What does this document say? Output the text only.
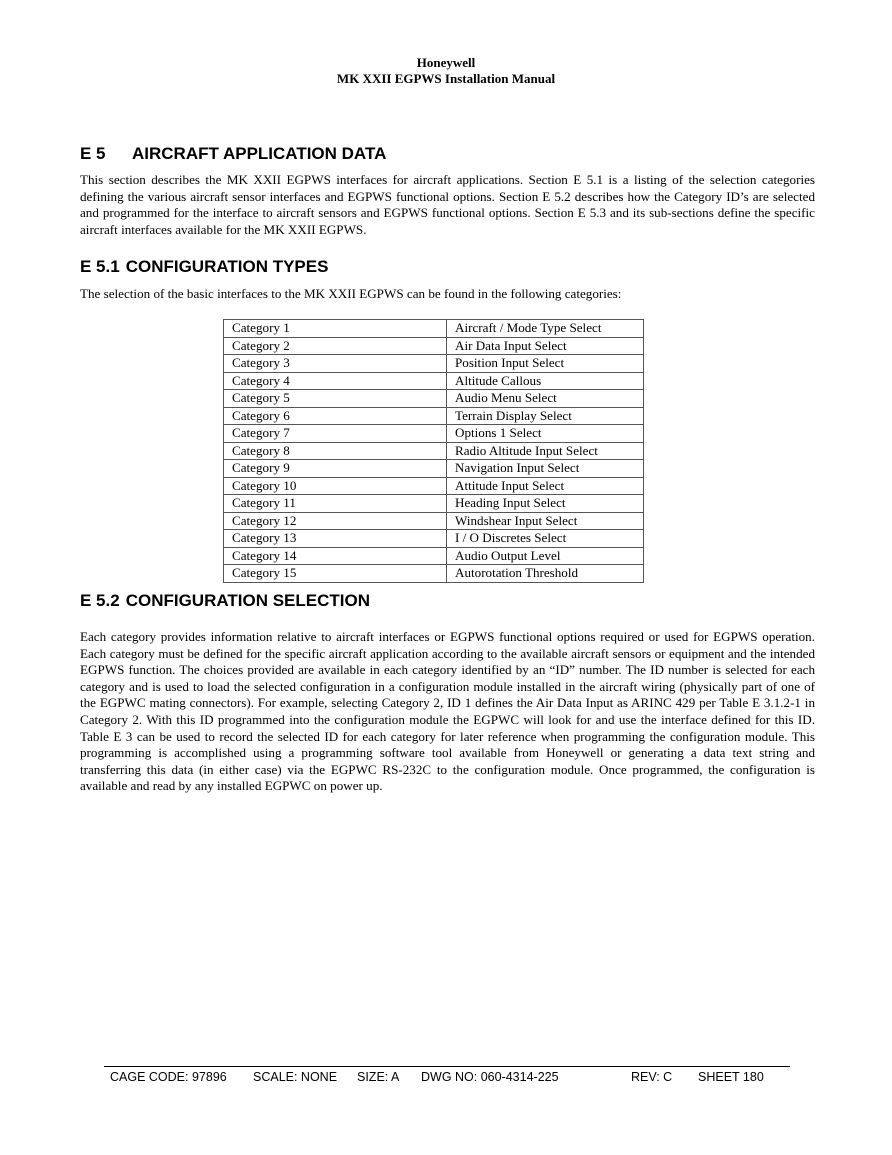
Honeywell
MK XXII EGPWS Installation Manual
E 5 AIRCRAFT APPLICATION DATA

This section describes the MK XXII EGPWS interfaces for aircraft applications. Section E 5.1 is a listing of the selection categories defining the various aircraft sensor interfaces and EGPWS functional options. Section E 5.2 describes how the Category ID’s are selected and programmed for the interface to aircraft sensors and EGPWS functional options. Section E 5.3 and its sub-sections define the specific aircraft interfaces available for the MK XXII EGPWS.

E 5.1 CONFIGURATION TYPES

The selection of the basic interfaces to the MK XXII EGPWS can be found in the following categories:

Category 1	Aircraft / Mode Type Select
Category 2	Air Data Input Select
Category 3	Position Input Select
Category 4	Altitude Callous
Category 5	Audio Menu Select
Category 6	Terrain Display Select
Category 7	Options 1 Select
Category 8	Radio Altitude Input Select
Category 9	Navigation Input Select
Category 10	Attitude Input Select
Category 11	Heading Input Select
Category 12	Windshear Input Select
Category 13	I / O Discretes Select
Category 14	Audio Output Level
Category 15	Autorotation Threshold
E 5.2 CONFIGURATION SELECTION

Each category provides information relative to aircraft interfaces or EGPWS functional options required or used for EGPWS operation. Each category must be defined for the specific aircraft application according to the available aircraft sensors or equipment and the intended EGPWS function. The choices provided are available in each category identified by an “ID” number. The ID number is selected for each category and is used to load the selected configuration in a configuration module installed in the aircraft wiring (physically part of one of the EGPWC mating connectors). For example, selecting Category 2, ID 1 defines the Air Data Input as ARINC 429 per Table E 3.1.2-1 in Category 2. With this ID programmed into the configuration module the EGPWC will look for and use the interface defined for this ID. Table E 3 can be used to record the selected ID for each category for later reference when programming the configuration module. This programming is accomplished using a programming software tool available from Honeywell or generating a data text string and transferring this data (in either case) via the EGPWC RS-232C to the configuration module. Once programmed, the configuration is available and read by any installed EGPWC on power up.

CAGE CODE: 97896 SCALE: NONE SIZE: A DWG NO: 060-4314-225	REV: C SHEET 180
